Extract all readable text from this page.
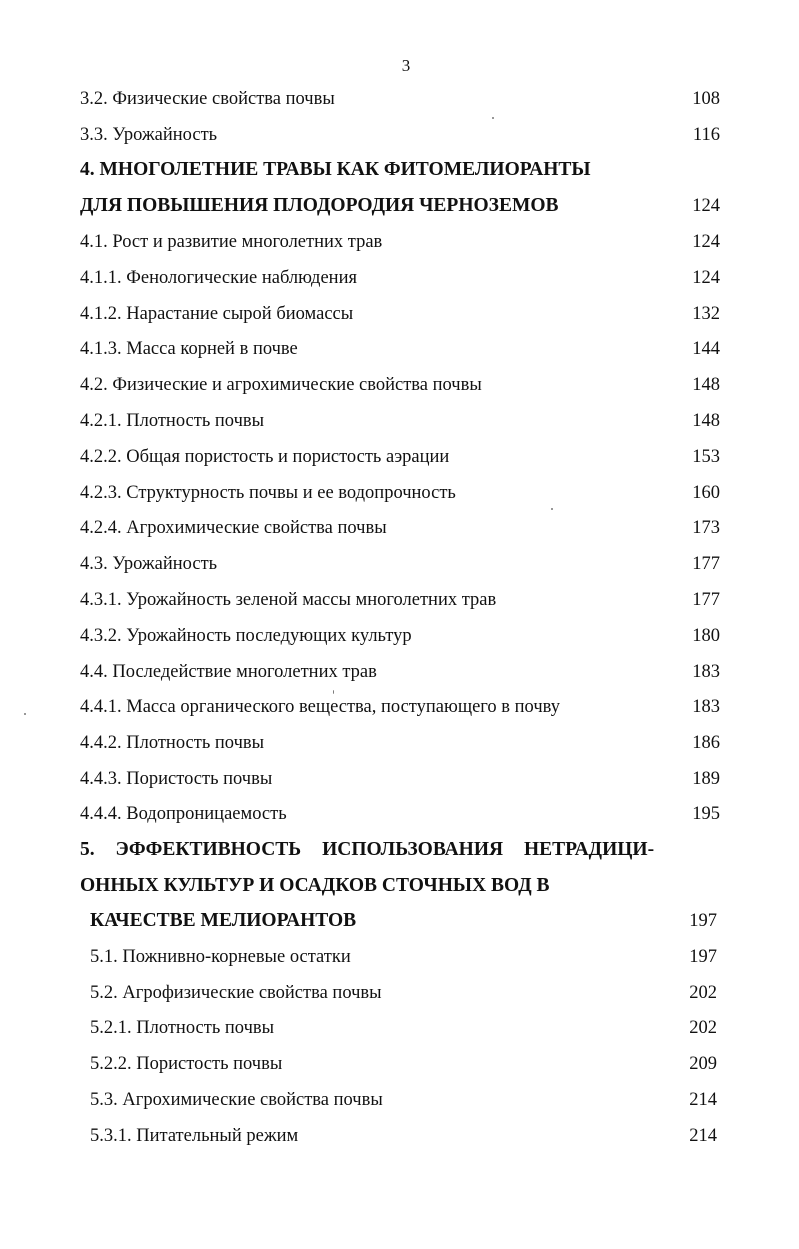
3
3.2. Физические свойства почвы	108
3.3. Урожайность	116
4. МНОГОЛЕТНИЕ ТРАВЫ КАК ФИТОМЕЛИОРАНТЫ
ДЛЯ ПОВЫШЕНИЯ ПЛОДОРОДИЯ ЧЕРНОЗЕМОВ	124
4.1. Рост и развитие многолетних трав	124
4.1.1. Фенологические наблюдения	124
4.1.2. Нарастание сырой биомассы	132
4.1.3. Масса корней в почве	144
4.2. Физические и агрохимические свойства почвы	148
4.2.1. Плотность почвы	148
4.2.2. Общая пористость и пористость аэрации	153
4.2.3. Структурность почвы и ее водопрочность	160
4.2.4. Агрохимические свойства почвы	173
4.3. Урожайность	177
4.3.1. Урожайность зеленой массы многолетних трав	177
4.3.2. Урожайность последующих культур	180
4.4. Последействие многолетних трав	183
4.4.1. Масса органического вещества, поступающего в почву	183
4.4.2. Плотность почвы	186
4.4.3. Пористость почвы	189
4.4.4. Водопроницаемость	195
5. ЭФФЕКТИВНОСТЬ ИСПОЛЬЗОВАНИЯ НЕТРАДИЦИ-
ОННЫХ КУЛЬТУР И ОСАДКОВ СТОЧНЫХ ВОД В
КАЧЕСТВЕ МЕЛИОРАНТОВ	197
5.1. Пожнивно-корневые остатки	197
5.2. Агрофизические свойства почвы	202
5.2.1. Плотность почвы	202
5.2.2. Пористость почвы	209
5.3. Агрохимические свойства почвы	214
5.3.1. Питательный режим	214
